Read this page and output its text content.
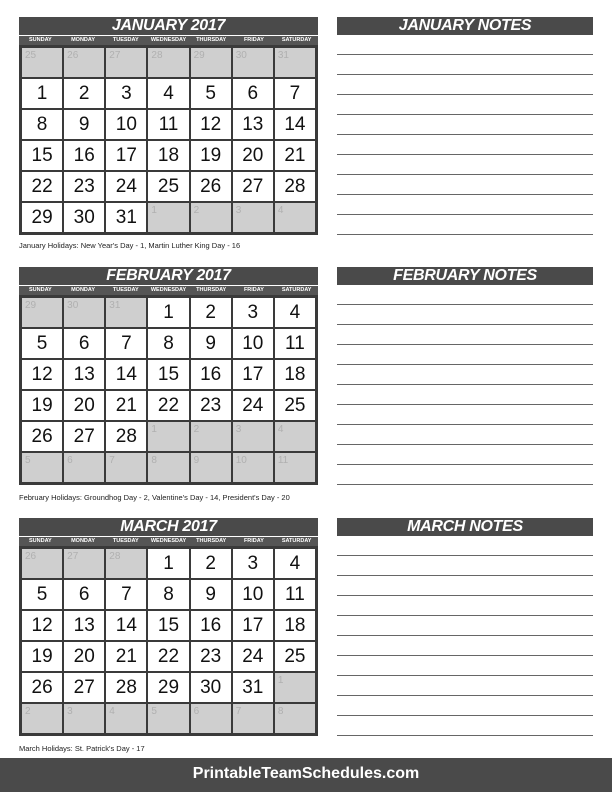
JANUARY 2017
SUNDAY	MONDAY	TUESDAY	WEDNESDAY	THURSDAY	FRIDAY	SATURDAY
25	26	27	28	29	30	31
1	2	3	4	5	6	7
8	9	10	11	12	13	14
15	16	17	18	19	20	21
22	23	24	25	26	27	28
29	30	31	1	2	3	4
January Holidays: New Year's Day - 1, Martin Luther King Day - 16
FEBRUARY 2017
SUNDAY	MONDAY	TUESDAY	WEDNESDAY	THURSDAY	FRIDAY	SATURDAY
29	30	31	1	2	3	4
5	6	7	8	9	10	11
12	13	14	15	16	17	18
19	20	21	22	23	24	25
26	27	28	1	2	3	4
5	6	7	8	9	10	11
February Holidays: Groundhog Day - 2, Valentine's Day - 14, President's Day - 20
MARCH 2017
SUNDAY	MONDAY	TUESDAY	WEDNESDAY	THURSDAY	FRIDAY	SATURDAY
26	27	28	1	2	3	4
5	6	7	8	9	10	11
12	13	14	15	16	17	18
19	20	21	22	23	24	25
26	27	28	29	30	31	1
2	3	4	5	6	7	8
March Holidays: St. Patrick's Day - 17
JANUARY NOTES
FEBRUARY NOTES
MARCH NOTES
PrintableTeamSchedules.com
